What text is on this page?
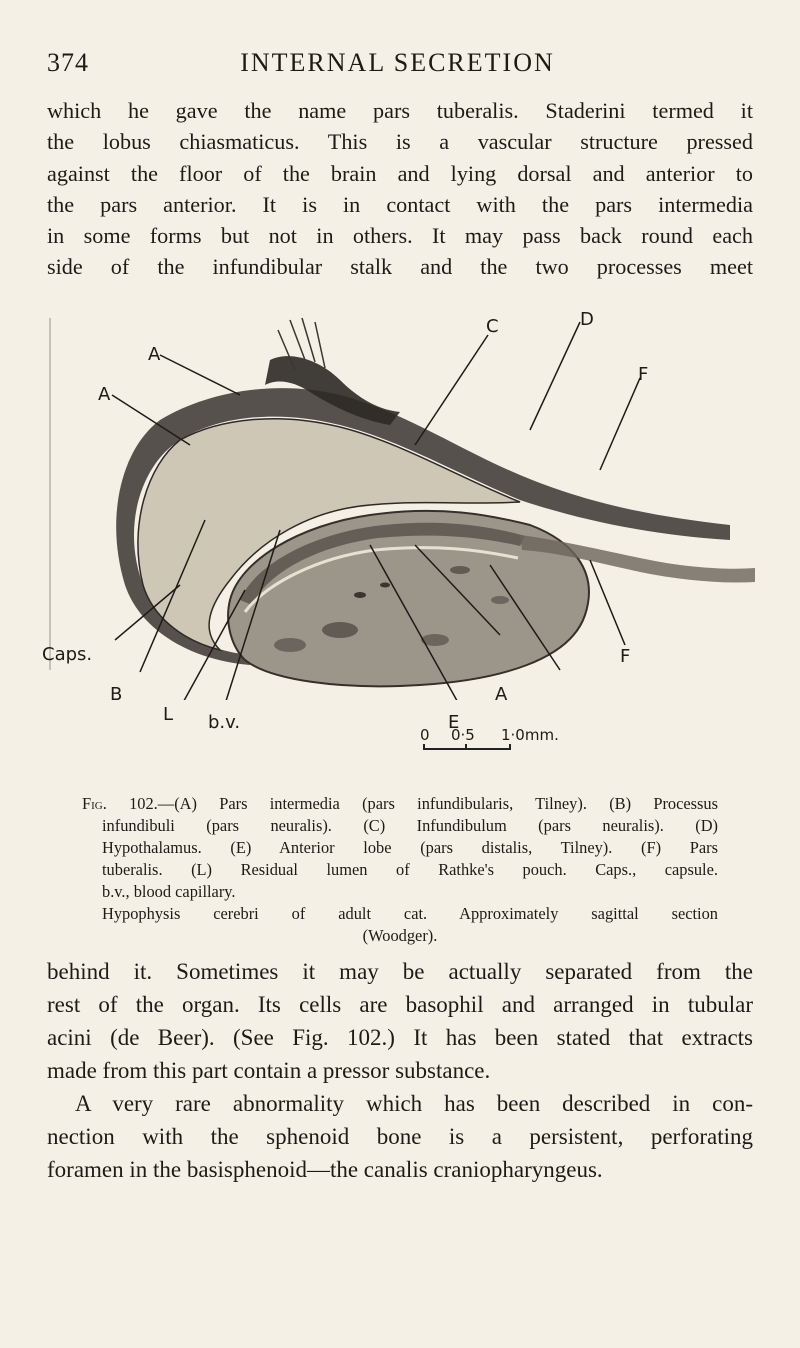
374	INTERNAL SECRETION
which he gave the name pars tuberalis. Staderini termed it
the lobus chiasmaticus. This is a vascular structure pressed
against the floor of the brain and lying dorsal and anterior to
the pars anterior. It is in contact with the pars intermedia
in some forms but not in others. It may pass back round each
side of the infundibular stalk and the two processes meet
A
A
C	D
F
Caps.	F
B	A
L b.v.	E
0 0·5 1·0mm.
Fig. 102.—(A) Pars intermedia (pars infundibularis, Tilney). (B) Processus
infundibuli (pars neuralis). (C) Infundibulum (pars neuralis). (D)
Hypothalamus. (E) Anterior lobe (pars distalis, Tilney). (F) Pars
tuberalis. (L) Residual lumen of Rathke's pouch. Caps., capsule.
b.v., blood capillary.
Hypophysis cerebri of adult cat. Approximately sagittal section
(Woodger).
behind it. Sometimes it may be actually separated from the
rest of the organ. Its cells are basophil and arranged in tubular
acini (de Beer). (See Fig. 102.) It has been stated that extracts
made from this part contain a pressor substance.
A very rare abnormality which has been described in con-
nection with the sphenoid bone is a persistent, perforating
foramen in the basisphenoid—the canalis craniopharyngeus.
